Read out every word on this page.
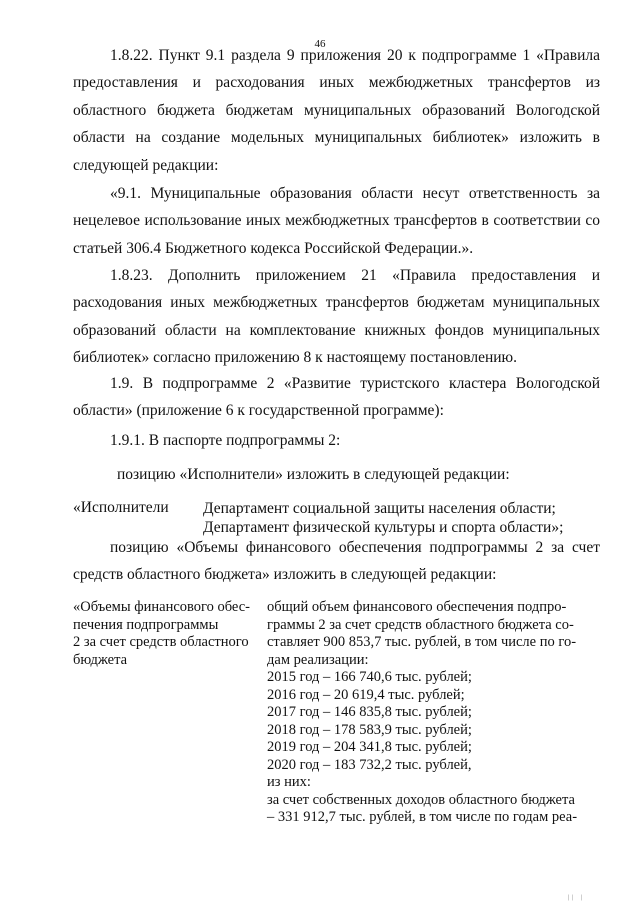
46

1.8.22. Пункт 9.1 раздела 9 приложения 20 к подпрограмме 1 «Правила предоставления и расходования иных межбюджетных трансфертов из областного бюджета бюджетам муниципальных образований Вологодской области на создание модельных муниципальных библиотек» изложить в следующей редакции:

«9.1. Муниципальные образования области несут ответственность за нецелевое использование иных межбюджетных трансфертов в соответствии со статьей 306.4 Бюджетного кодекса Российской Федерации.».

1.8.23. Дополнить приложением 21 «Правила предоставления и расходования иных межбюджетных трансфертов бюджетам муниципальных образований области на комплектование книжных фондов муниципальных библиотек» согласно приложению 8 к настоящему постановлению.

1.9. В подпрограмме 2 «Развитие туристского кластера Вологодской области» (приложение 6 к государственной программе):

1.9.1. В паспорте подпрограммы 2:

позицию «Исполнители» изложить в следующей редакции:

«Исполнители Департамент социальной защиты населения области;
Департамент физической культуры и спорта области»;

позицию «Объемы финансового обеспечения подпрограммы 2 за счет

средств областного бюджета» изложить в следующей редакции:

«Объемы финансового обес-
печения подпрограммы
2 за счет средств областного
бюджета
общий объем финансового обеспечения подпро-
граммы 2 за счет средств областного бюджета со-
ставляет 900 853,7 тыс. рублей, в том числе по го-
дам реализации:
2015 год – 166 740,6 тыс. рублей;
2016 год – 20 619,4 тыс. рублей;
2017 год – 146 835,8 тыс. рублей;
2018 год – 178 583,9 тыс. рублей;
2019 год – 204 341,8 тыс. рублей;
2020 год – 183 732,2 тыс. рублей,
из них:
за счет собственных доходов областного бюджета
– 331 912,7 тыс. рублей, в том числе по годам реа-
|| |
